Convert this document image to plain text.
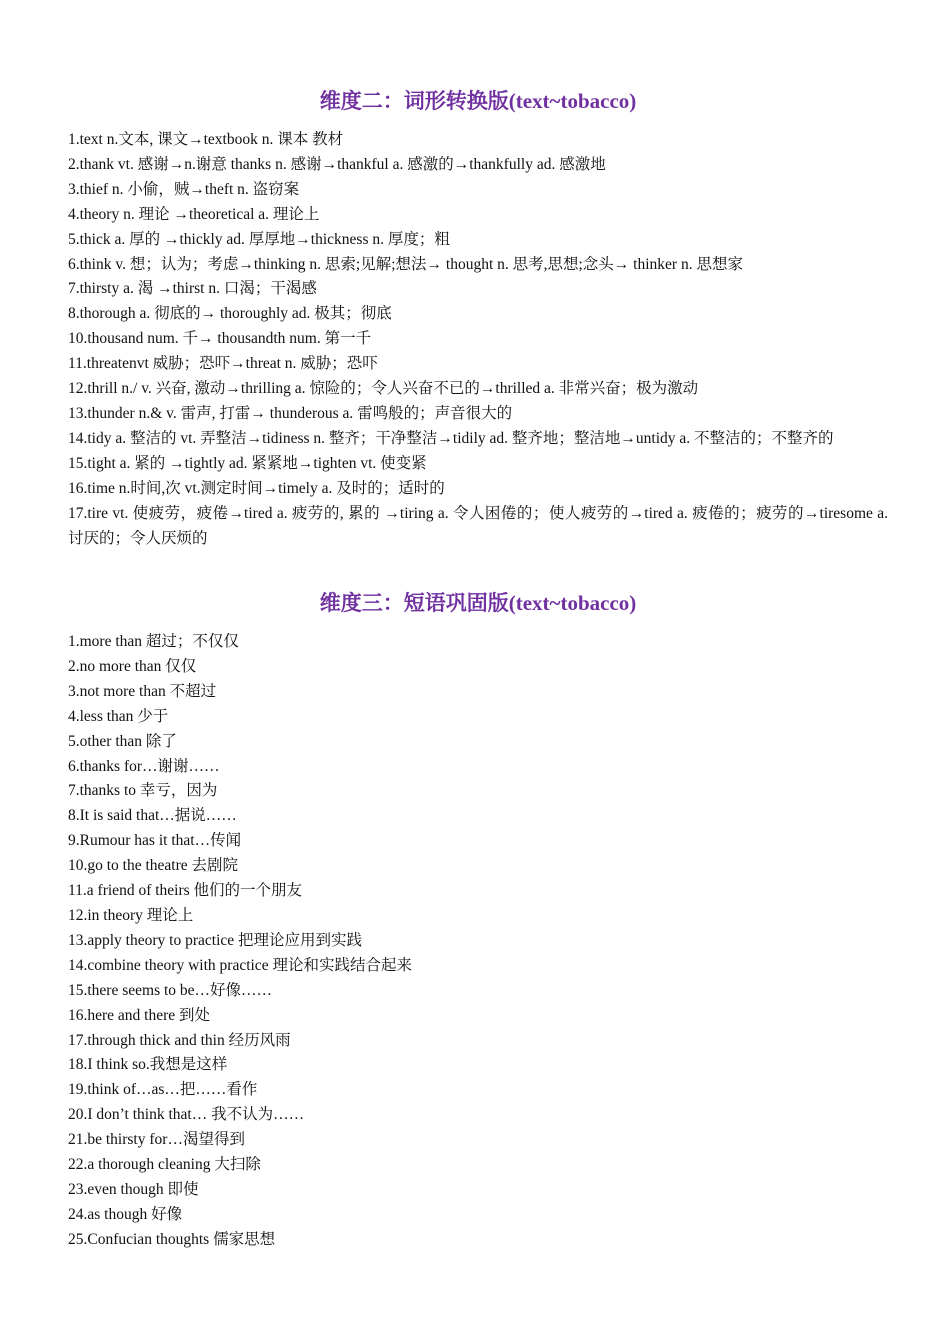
维度二：词形转换版(text~tobacco)

1.text n.文本, 课文→textbook n. 课本 教材

2.thank vt. 感谢→n.谢意 thanks n. 感谢→thankful a. 感激的→thankfully ad. 感激地

3.thief n. 小偷，贼→theft n. 盗窃案

4.theory n. 理论 →theoretical a. 理论上

5.thick a. 厚的 →thickly ad. 厚厚地→thickness n. 厚度；粗

6.think v. 想；认为；考虑→thinking n. 思索;见解;想法→ thought n. 思考,思想;念头→ thinker n. 思想家

7.thirsty a. 渴 →thirst n. 口渴；干渴感

8.thorough a. 彻底的→ thoroughly ad. 极其；彻底

10.thousand num. 千→ thousandth num. 第一千

11.threatenvt 威胁；恐吓→threat n. 威胁；恐吓

12.thrill n./ v. 兴奋, 激动→thrilling a. 惊险的；令人兴奋不已的→thrilled a. 非常兴奋；极为激动

13.thunder n.& v. 雷声, 打雷→ thunderous a. 雷鸣般的；声音很大的

14.tidy a. 整洁的 vt. 弄整洁→tidiness n. 整齐；干净整洁→tidily ad. 整齐地；整洁地→untidy a. 不整洁的；不整齐的

15.tight a. 紧的 →tightly ad. 紧紧地→tighten vt. 使变紧

16.time n.时间,次 vt.测定时间→timely a. 及时的；适时的

17.tire vt. 使疲劳，疲倦→tired a. 疲劳的, 累的 →tiring a. 令人困倦的；使人疲劳的→tired a. 疲倦的；疲劳的→tiresome a. 讨厌的；令人厌烦的

维度三：短语巩固版(text~tobacco)

1.more than 超过；不仅仅

2.no more than 仅仅

3.not more than 不超过

4.less than 少于

5.other than 除了

6.thanks for…谢谢……

7.thanks to 幸亏，因为

8.It is said that…据说……

9.Rumour has it that…传闻

10.go to the theatre 去剧院

11.a friend of theirs 他们的一个朋友

12.in theory 理论上

13.apply theory to practice 把理论应用到实践

14.combine theory with practice 理论和实践结合起来

15.there seems to be…好像……

16.here and there 到处

17.through thick and thin 经历风雨

18.I think so.我想是这样

19.think of…as…把……看作

20.I don’t think that… 我不认为……

21.be thirsty for…渴望得到

22.a thorough cleaning 大扫除

23.even though 即使

24.as though 好像

25.Confucian thoughts 儒家思想
